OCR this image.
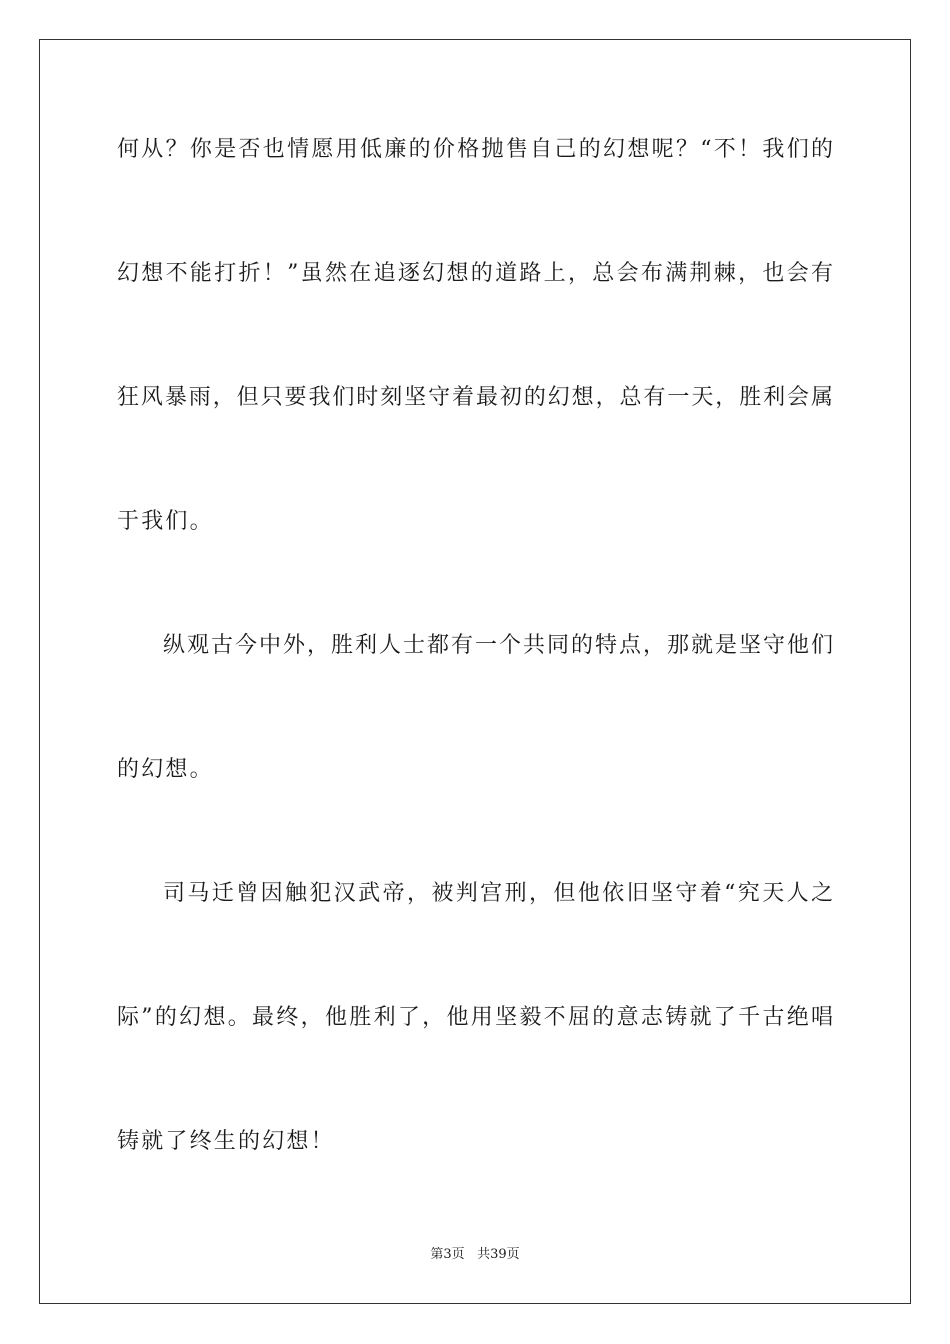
何从？你是否也情愿用低廉的价格抛售自己的幻想呢？“不！我们的
幻想不能打折！”虽然在追逐幻想的道路上，总会布满荆棘，也会有
狂风暴雨，但只要我们时刻坚守着最初的幻想，总有一天，胜利会属
于我们。
纵观古今中外，胜利人士都有一个共同的特点，那就是坚守他们
的幻想。
司马迁曾因触犯汉武帝，被判宫刑，但他依旧坚守着“究天人之
际”的幻想。最终，他胜利了，他用坚毅不屈的意志铸就了千古绝唱
铸就了终生的幻想！
第3页 共39页
